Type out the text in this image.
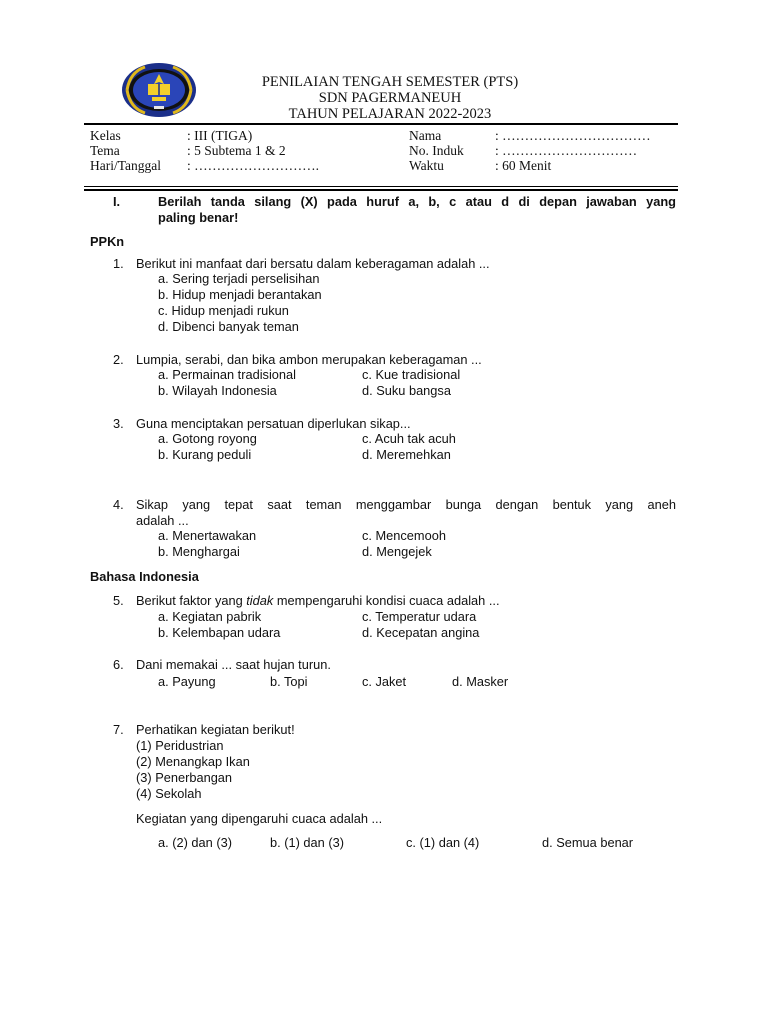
PENILAIAN TENGAH SEMESTER (PTS)
SDN PAGERMANEUH
TAHUN PELAJARAN 2022-2023
Kelas	: III (TIGA)
Tema	: 5 Subtema 1 & 2
Hari/Tanggal : ……………………….
Nama	: ……………………………
No. Induk : …………………………
Waktu	: 60 Menit
I.	Berilah tanda silang (X) pada huruf a, b, c atau d di depan jawaban yang
paling benar!
PPKn
1. Berikut ini manfaat dari bersatu dalam keberagaman adalah ...
a. Sering terjadi perselisihan
b. Hidup menjadi berantakan
c. Hidup menjadi rukun
d. Dibenci banyak teman
2. Lumpia, serabi, dan bika ambon merupakan keberagaman ...
a. Permainan tradisional	c. Kue tradisional
b. Wilayah Indonesia	d. Suku bangsa
3. Guna menciptakan persatuan diperlukan sikap...
a. Gotong royong	c. Acuh tak acuh
b. Kurang peduli	d. Meremehkan
4. Sikap yang tepat saat teman menggambar bunga dengan bentuk yang aneh
adalah ...
a. Menertawakan	c. Mencemooh
b. Menghargai	d. Mengejek
Bahasa Indonesia
5. Berikut faktor yang tidak mempengaruhi kondisi cuaca adalah ...
a. Kegiatan pabrik	c. Temperatur udara
b. Kelembapan udara	d. Kecepatan angina
6. Dani memakai ... saat hujan turun.
a. Payung	b. Topi	c. Jaket	d. Masker
7. Perhatikan kegiatan berikut!
(1) Peridustrian
(2) Menangkap Ikan
(3) Penerbangan
(4) Sekolah
Kegiatan yang dipengaruhi cuaca adalah ...
a. (2) dan (3)	b. (1) dan (3)	c. (1) dan (4)	d. Semua benar
